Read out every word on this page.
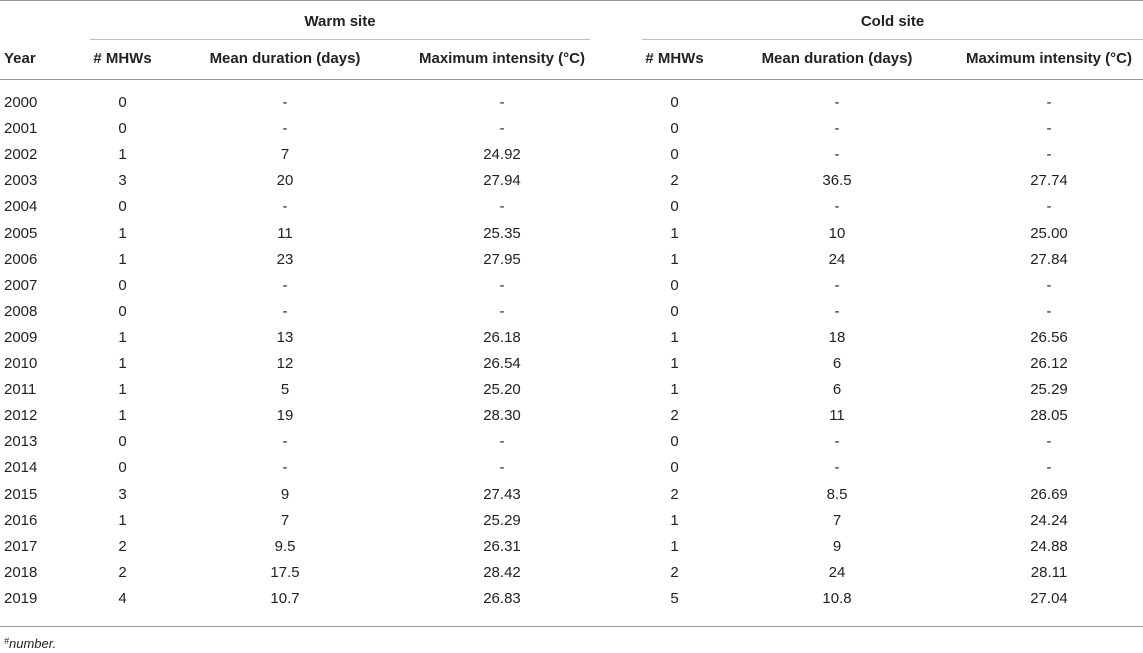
Warm site	Cold site
Year	# MHWs	Mean duration (days)	Maximum intensity (°C)	# MHWs	Mean duration (days)	Maximum intensity (°C)
2000	0	-	-	0	-	-
2001	0	-	-	0	-	-
2002	1	7	24.92	0	-	-
2003	3	20	27.94	2	36.5	27.74
2004	0	-	-	0	-	-
2005	1	11	25.35	1	10	25.00
2006	1	23	27.95	1	24	27.84
2007	0	-	-	0	-	-
2008	0	-	-	0	-	-
2009	1	13	26.18	1	18	26.56
2010	1	12	26.54	1	6	26.12
2011	1	5	25.20	1	6	25.29
2012	1	19	28.30	2	11	28.05
2013	0	-	-	0	-	-
2014	0	-	-	0	-	-
2015	3	9	27.43	2	8.5	26.69
2016	1	7	25.29	1	7	24.24
2017	2	9.5	26.31	1	9	24.88
2018	2	17.5	28.42	2	24	28.11
2019	4	10.7	26.83	5	10.8	27.04
#number.
